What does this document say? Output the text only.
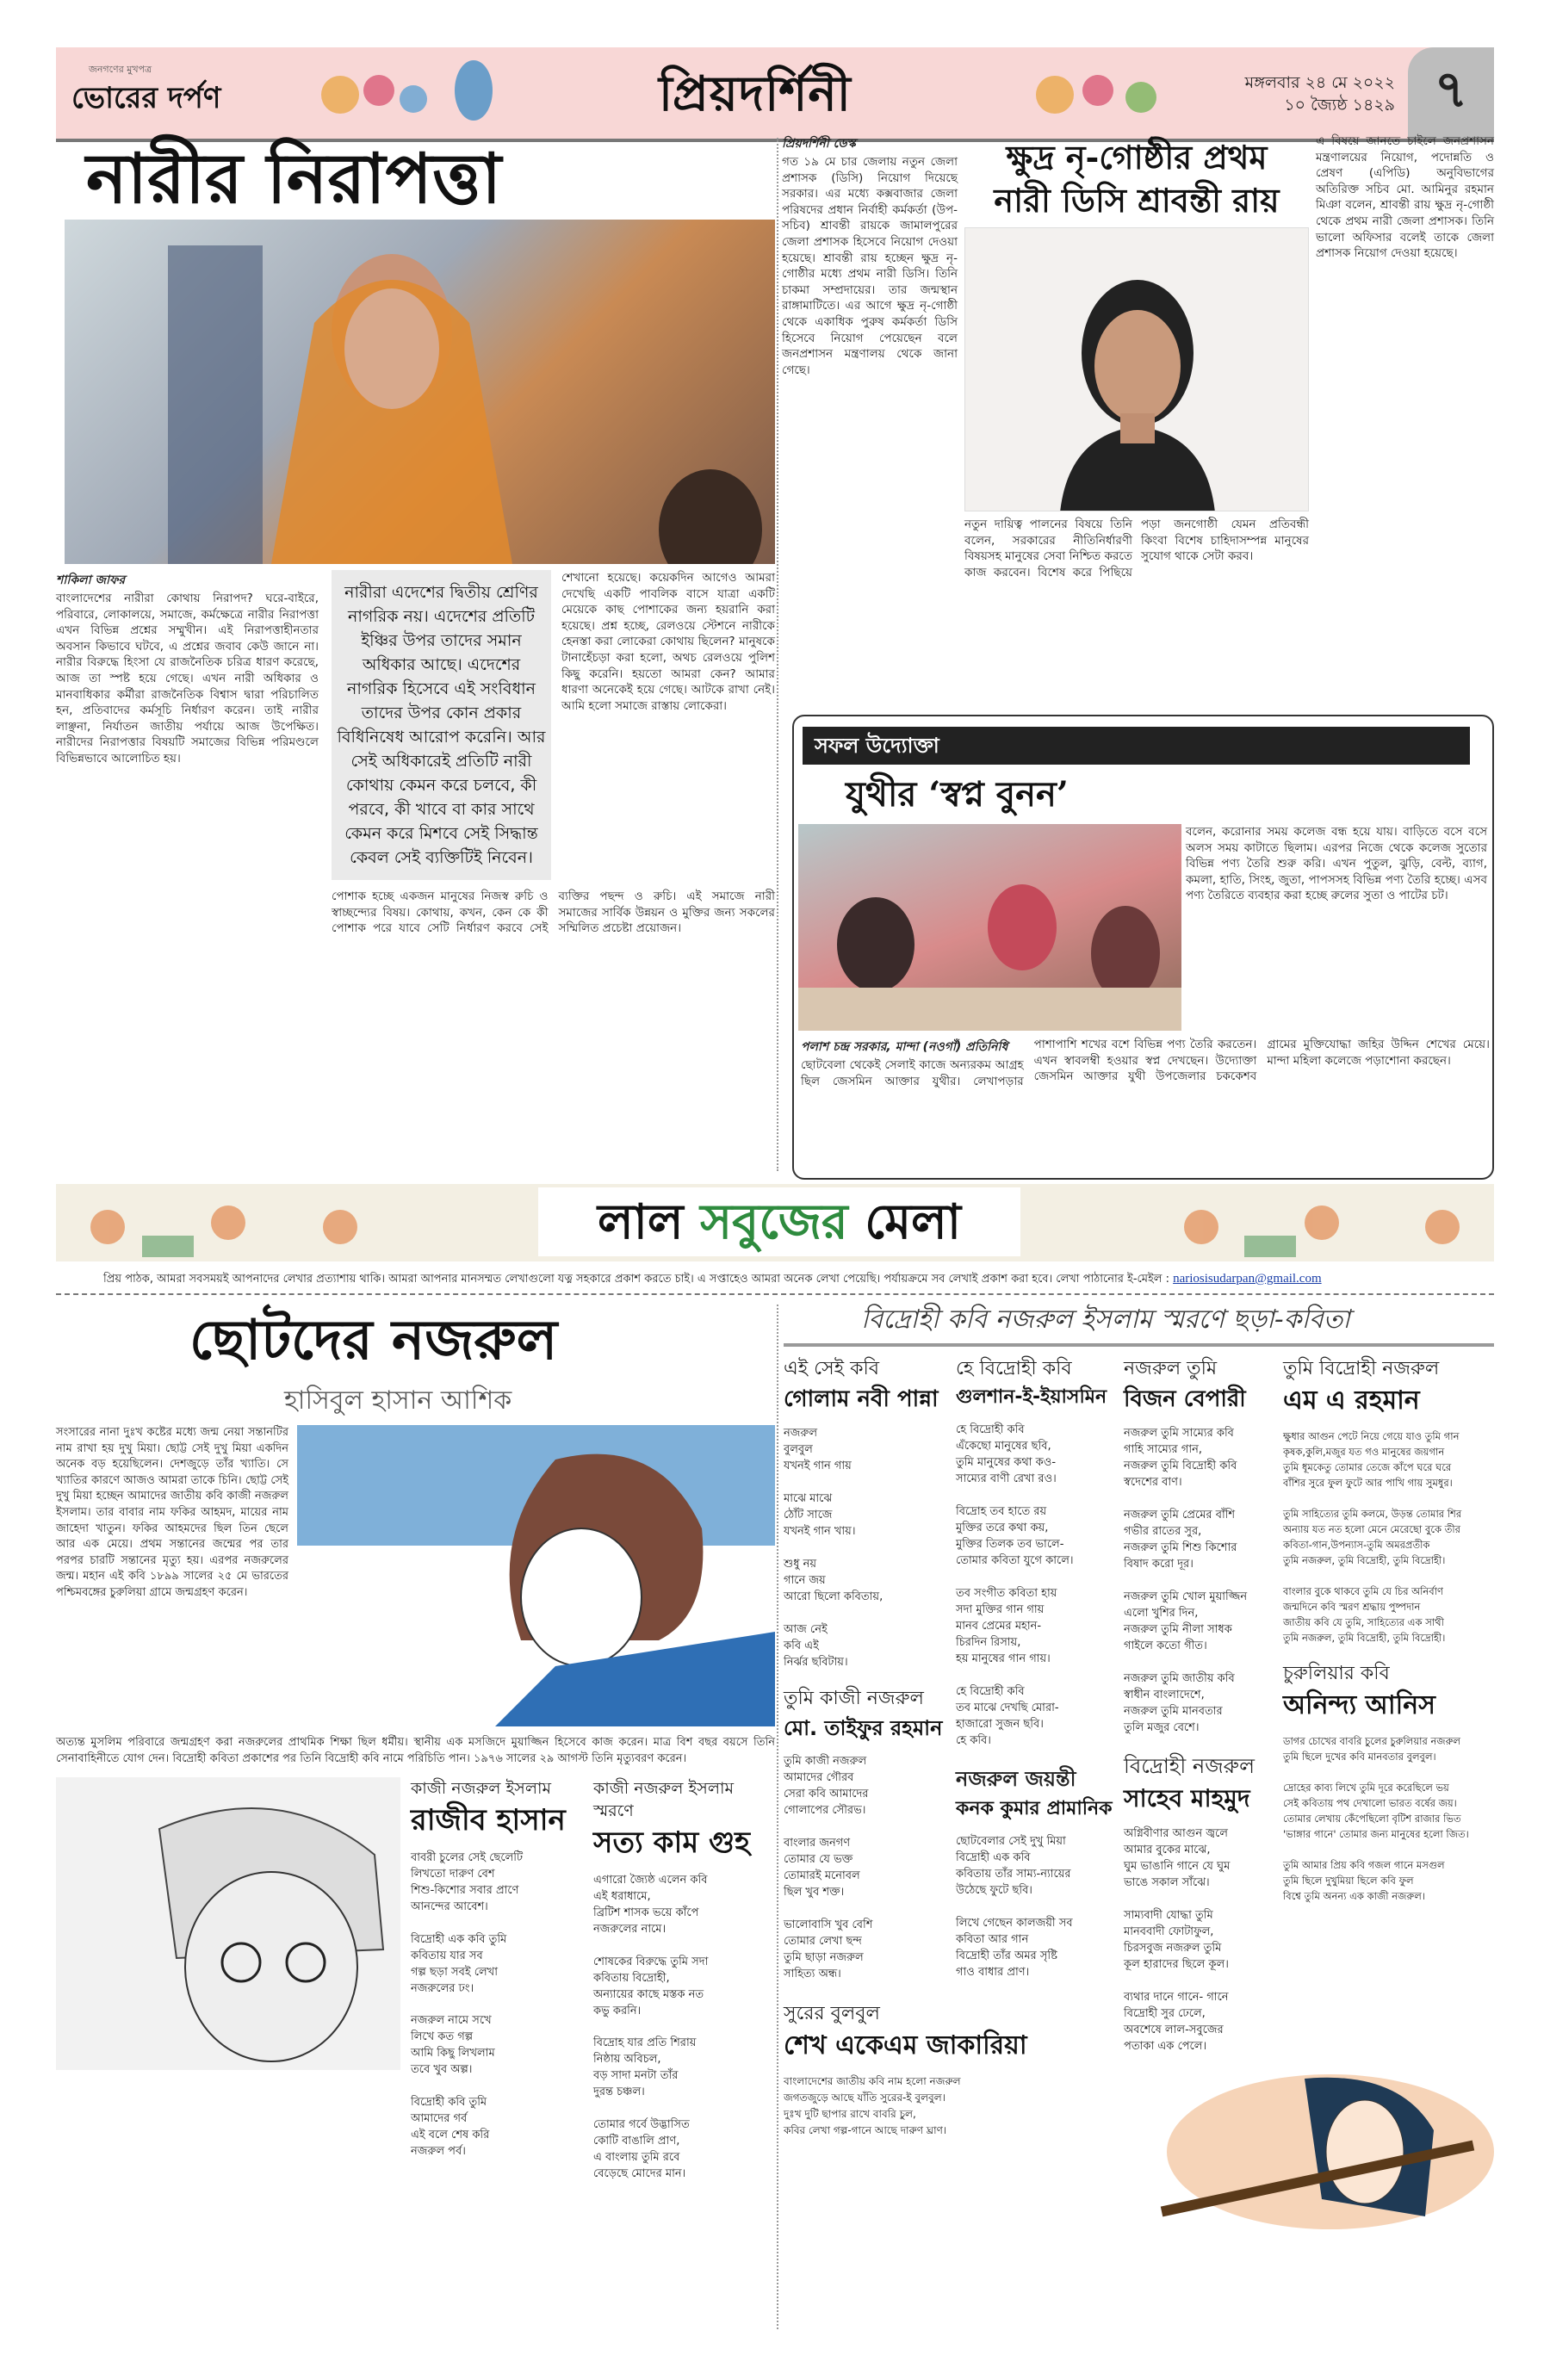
জনগণের মুখপত্র
ভোরের দর্পণ	প্রিয়দর্শিনী	মঙ্গলবার ২৪ মে ২০২২
১০ জ্যৈষ্ঠ ১৪২৯ ৭
নারীর নিরাপত্তা
শাকিলা জাফর
বাংলাদেশের নারীরা কোথায় নিরাপদ? ঘরে-বাইরে, পরিবারে, লোকালয়ে, সমাজে, কর্মক্ষেত্রে নারীর নিরাপত্তা এখন বিভিন্ন প্রশ্নের সম্মুখীন। এই নিরাপত্তাহীনতার অবসান কিভাবে ঘটবে, এ প্রশ্নের জবাব কেউ জানে না। নারীর বিরুদ্ধে হিংসা যে রাজনৈতিক চরিত্র ধারণ করেছে, আজ তা স্পষ্ট হয়ে গেছে। এখন নারী অধিকার ও মানবাধিকার কর্মীরা রাজনৈতিক বিশ্বাস দ্বারা পরিচালিত হন, প্রতিবাদের কর্মসূচি নির্ধারণ করেন। তাই নারীর লাঞ্ছনা, নির্যাতন জাতীয় পর্যায়ে আজ উপেক্ষিত। নারীদের নিরাপত্তার বিষয়টি সমাজের বিভিন্ন পরিমণ্ডলে বিভিন্নভাবে আলোচিত হয়।
নারীরা এদেশের দ্বিতীয় শ্রেণির নাগরিক নয়। এদেশের প্রতিটি ইঞ্চির উপর তাদের সমান অধিকার আছে। এদেশের নাগরিক হিসেবে এই সংবিধান তাদের উপর কোন প্রকার বিধিনিষেধ আরোপ করেনি। আর সেই অধিকারেই প্রতিটি নারী কোথায় কেমন করে চলবে, কী পরবে, কী খাবে বা কার সাথে কেমন করে মিশবে সেই সিদ্ধান্ত কেবল সেই ব্যক্তিটিই নিবেন।
শেখানো হয়েছে। কয়েকদিন আগেও আমরা দেখেছি একটি পাবলিক বাসে যাত্রা একটি মেয়েকে কাছ পোশাকের জন্য হয়রানি করা হয়েছে। প্রশ্ন হচ্ছে, রেলওয়ে স্টেশনে নারীকে হেনস্তা করা লোকেরা কোথায় ছিলেন? মানুষকে টানাহেঁচড়া করা হলো, অথচ রেলওয়ে পুলিশ কিছু করেনি। হয়তো আমরা কেন? আমার ধারণা অনেকেই হয়ে গেছে। আটকে রাখা নেই। আমি হলো সমাজে রাস্তায় লোকেরা।
পোশাক হচ্ছে একজন মানুষের নিজস্ব রুচি ও স্বাচ্ছন্দ্যের বিষয়। কোথায়, কখন, কেন কে কী পোশাক পরে যাবে সেটি নির্ধারণ করবে সেই ব্যক্তির পছন্দ ও রুচি। এই সমাজে নারী সমাজের সার্বিক উন্নয়ন ও মুক্তির জন্য সকলের সম্মিলিত প্রচেষ্টা প্রয়োজন।
প্রিয়দর্শিনী ডেস্ক
গত ১৯ মে চার জেলায় নতুন জেলা প্রশাসক (ডিসি) নিয়োগ দিয়েছে সরকার। এর মধ্যে কক্সবাজার জেলা পরিষদের প্রধান নির্বাহী কর্মকর্তা (উপ-সচিব) শ্রাবন্তী রায়কে জামালপুরের জেলা প্রশাসক হিসেবে নিয়োগ দেওয়া হয়েছে। শ্রাবন্তী রায় হচ্ছেন ক্ষুদ্র নৃ-গোষ্ঠীর মধ্যে প্রথম নারী ডিসি। তিনি চাকমা সম্প্রদায়ের। তার জন্মস্থান রাঙ্গামাটিতে। এর আগে ক্ষুদ্র নৃ-গোষ্ঠী থেকে একাধিক পুরুষ কর্মকর্তা ডিসি হিসেবে নিয়োগ পেয়েছেন বলে জনপ্রশাসন মন্ত্রণালয় থেকে জানা গেছে।
ক্ষুদ্র নৃ-গোষ্ঠীর প্রথম নারী ডিসি শ্রাবন্তী রায়
নতুন দায়িত্ব পালনের বিষয়ে তিনি বলেন, সরকারের নীতিনির্ধারণী বিষয়সহ মানুষের সেবা নিশ্চিত করতে কাজ করবেন। বিশেষ করে পিছিয়ে পড়া জনগোষ্ঠী যেমন প্রতিবন্ধী কিংবা বিশেষ চাহিদাসম্পন্ন মানুষের সুযোগ থাকে সেটা করব।
এ বিষয়ে জানতে চাইলে জনপ্রশাসন মন্ত্রণালয়ের নিয়োগ, পদোন্নতি ও প্রেষণ (এপিডি) অনুবিভাগের অতিরিক্ত সচিব মো. আমিনুর রহমান মিঞা বলেন, শ্রাবন্তী রায় ক্ষুদ্র নৃ-গোষ্ঠী থেকে প্রথম নারী জেলা প্রশাসক। তিনি ভালো অফিসার বলেই তাকে জেলা প্রশাসক নিয়োগ দেওয়া হয়েছে।
সফল উদ্যোক্তা
যুথীর ‘স্বপ্ন বুনন’
বলেন, করোনার সময় কলেজ বন্ধ হয়ে যায়। বাড়িতে বসে বসে অলস সময় কাটাতে ছিলাম। এরপর নিজে থেকে কলেজ সুতোর বিভিন্ন পণ্য তৈরি শুরু করি। এখন পুতুল, ঝুড়ি, বেল্ট, ব্যাগ, কমলা, হাতি, সিংহ, জুতা, পাপসসহ বিভিন্ন পণ্য তৈরি হচ্ছে। এসব পণ্য তৈরিতে ব্যবহার করা হচ্ছে রুলের সুতা ও পাটের চট।
পলাশ চন্দ্র সরকার, মান্দা (নওগাঁ) প্রতিনিধি
ছোটবেলা থেকেই সেলাই কাজে অন্যরকম আগ্রহ ছিল জেসমিন আক্তার যুথীর। লেখাপড়ার পাশাপাশি শখের বশে বিভিন্ন পণ্য তৈরি করতেন। এখন স্বাবলম্বী হওয়ার স্বপ্ন দেখছেন। উদ্যোক্তা জেসমিন আক্তার যুথী উপজেলার চককেশব গ্রামের মুক্তিযোদ্ধা জহির উদ্দিন শেখের মেয়ে। মান্দা মহিলা কলেজে পড়াশোনা করছেন।
লাল সবুজের মেলা
প্রিয় পাঠক, আমরা সবসময়ই আপনাদের লেখার প্রত্যাশায় থাকি। আমরা আপনার মানসম্মত লেখাগুলো যত্ন সহকারে প্রকাশ করতে চাই। এ সপ্তাহেও আমরা অনেক লেখা পেয়েছি। পর্যায়ক্রমে সব লেখাই প্রকাশ করা হবে। লেখা পাঠানোর ই-মেইল : nariosisudarpan@gmail.com
ছোটদের নজরুল
হাসিবুল হাসান আশিক
সংসারের নানা দুঃখ কষ্টের মধ্যে জন্ম নেয়া সন্তানটির নাম রাখা হয় দুখু মিয়া। ছোট্ট সেই দুখু মিয়া একদিন অনেক বড় হয়েছিলেন। দেশজুড়ে তাঁর খ্যাতি। সে খ্যাতির কারণে আজও আমরা তাকে চিনি। ছোট্ট সেই দুখু মিয়া হচ্ছেন আমাদের জাতীয় কবি কাজী নজরুল ইসলাম। তার বাবার নাম ফকির আহমদ, মায়ের নাম জাহেদা খাতুন। ফকির আহমদের ছিল তিন ছেলে আর এক মেয়ে। প্রথম সন্তানের জন্মের পর তার পরপর চারটি সন্তানের মৃত্যু হয়। এরপর নজরুলের জন্ম। মহান এই কবি ১৮৯৯ সালের ২৫ মে ভারতের পশ্চিমবঙ্গের চুরুলিয়া গ্রামে জন্মগ্রহণ করেন।
অত্যন্ত মুসলিম পরিবারে জন্মগ্রহণ করা নজরুলের প্রাথমিক শিক্ষা ছিল ধর্মীয়। স্থানীয় এক মসজিদে মুয়াজ্জিন হিসেবে কাজ করেন। মাত্র বিশ বছর বয়সে তিনি সেনাবাহিনীতে যোগ দেন। বিদ্রোহী কবিতা প্রকাশের পর তিনি বিদ্রোহী কবি নামে পরিচিতি পান। ১৯৭৬ সালের ২৯ আগস্ট তিনি মৃত্যুবরণ করেন।
কাজী নজরুল ইসলাম
রাজীব হাসান
বাবরী চুলের সেই ছেলেটি
লিখতো দারুণ বেশ
শিশু-কিশোর সবার প্রাণে
আনন্দের আবেশ।

বিদ্রোহী এক কবি তুমি
কবিতায় যার সব
গল্প ছড়া সবই লেখা
নজরুলের ঢং।
নজরুল নামে সখে
লিখে কত গল্প
আমি কিছু লিখলাম
তবে খুব অল্প।

বিদ্রোহী কবি তুমি
আমাদের গর্ব
এই বলে শেষ করি
নজরুল পর্ব।
কাজী নজরুল ইসলাম স্মরণে
সত্য কাম গুহ
এগারো জ্যৈষ্ঠ এলেন কবি
এই ধরাধামে,
ব্রিটিশ শাসক ভয়ে কাঁপে
নজরুলের নামে।

শোষকের বিরুদ্ধে তুমি সদা
কবিতায় বিদ্রোহী,
অন্যায়ের কাছে মস্তক নত
কভু করনি।
বিদ্রোহ যার প্রতি শিরায়
নিষ্ঠায় অবিচল,
বড় সাদা মনটা তাঁর
দুরন্ত চঞ্চল।

তোমার গর্বে উদ্ভাসিত
কোটি বাঙালি প্রাণ,
এ বাংলায় তুমি রবে
বেড়েছে মোদের মান।
বিদ্রোহী কবি নজরুল ইসলাম স্মরণে ছড়া-কবিতা
এই সেই কবি
গোলাম নবী পান্না
নজরুল
বুলবুল
যখনই গান গায়

মাঝে মাঝে
ঠোঁট সাজে
যখনই গান খায়।

শুধু নয়
গানে জয়
আরো ছিলো কবিতায়,

আজ নেই
কবি এই
নির্ঝর ছবিটায়।
তুমি কাজী নজরুল
মো. তাইফুর রহমান
তুমি কাজী নজরুল
আমাদের গৌরব
সেরা কবি আমাদের
গোলাপের সৌরভ।

বাংলার জনগণ
তোমার যে ভক্ত
তোমারই মনোবল
ছিল খুব শক্ত।

ভালোবাসি খুব বেশি
তোমার লেখা ছন্দ
তুমি ছাড়া নজরুল
সাহিত্য অন্ধ।
হে বিদ্রোহী কবি
গুলশান-ই-ইয়াসমিন
হে বিদ্রোহী কবি
এঁকেছো মানুষের ছবি,
তুমি মানুষের কথা কও-
সাম্যের বাণী রেখা রও।

বিদ্রোহ তব হাতে রয়
মুক্তির তরে কথা কয়,
মুক্তির তিলক তব ভালে-
তোমার কবিতা যুগে কালে।

তব সংগীত কবিতা হায়
সদা মুক্তির গান গায়
মানব প্রেমের মহান-
চিরদিন রিসায়,
হয় মানুষের গান গায়।

হে বিদ্রোহী কবি
তব মাঝে দেখছি মোরা-
হাজারো সুজন ছবি।
হে কবি।
নজরুল জয়ন্তী
কনক কুমার প্রামানিক
ছোটবেলার সেই দুখু মিয়া
বিদ্রোহী এক কবি
কবিতায় তাঁর সাম্য-ন্যায়ের
উঠেছে ফুটে ছবি।

লিখে গেছেন কালজয়ী সব
কবিতা আর গান
বিদ্রোহী তাঁর অমর সৃষ্টি
গাও বাধার প্রাণ।
সুরের বুলবুল
শেখ একেএম জাকারিয়া
বাংলাদেশের জাতীয় কবি নাম হলো নজরুল
জগতজুড়ে আছে যাঁতি সুরের-ই বুলবুল।
দুঃখ দুটি ছাপার রাখে বাবরি চুল,
কবির লেখা গল্প-গানে আছে দারুণ ঘ্রাণ।
নজরুল তুমি
বিজন বেপারী
নজরুল তুমি সাম্যের কবি
গাহি সাম্যের গান,
নজরুল তুমি বিদ্রোহী কবি
স্বদেশের বাণ।

নজরুল তুমি প্রেমের বাঁশি
গভীর রাতের সুর,
নজরুল তুমি শিশু কিশোর
বিষাদ করো দূর।

নজরুল তুমি খোল মুয়াজ্জিন
এলো খুশির দিন,
নজরুল তুমি নীলা সাধক
গাইলে কতো গীত।

নজরুল তুমি জাতীয় কবি
স্বাধীন বাংলাদেশে,
নজরুল তুমি মানবতার
তুলি মজুর বেশে।
বিদ্রোহী নজরুল
সাহেব মাহমুদ
অগ্নিবীণার আগুন জ্বলে
আমার বুকের মাঝে,
ঘুম ভাঙানি গানে যে ঘুম
ভাঙে সকাল সাঁঝে।

সাম্যবাদী যোদ্ধা তুমি
মানববাদী ফোটাফুল,
চিরসবুজ নজরুল তুমি
কূল হারাদের ছিলে কূল।

ব্যথার দানে গানে- গানে
বিদ্রোহী সুর ঢেলে,
অবশেষে লাল-সবুজের
পতাকা এক পেলে।
তুমি বিদ্রোহী নজরুল
এম এ রহমান
ক্ষুধার আগুন পেটে নিয়ে গেয়ে যাও তুমি গান
কৃষক,কুলি,মজুর যত গও মানুষের জয়গান
তুমি ধূমকেতু তোমার তেজে কাঁপে ঘরে ঘরে
বাঁশির সুরে ফুল ফুটে আর পাখি গায় সুমধুর।

তুমি সাহিত্যের তুমি কলমে, উড়ন্ত তোমার শির
অন্যায় যত নত হলো মেনে মেরেছো বুকে তীর
কবিতা-গান,উপন্যাস-তুমি অমরপ্রতীক
তুমি নজরুল, তুমি বিদ্রোহী, তুমি বিদ্রোহী।

বাংলার বুকে থাকবে তুমি যে চির অনির্বাণ
জন্মদিনে কবি স্মরণ শ্রদ্ধায় পুষ্পদান
জাতীয় কবি যে তুমি, সাহিত্যের এক সাথী
তুমি নজরুল, তুমি বিদ্রোহী, তুমি বিদ্রোহী।
চুরুলিয়ার কবি
অনিন্দ্য আনিস
ডাগর চোখের বাবরি চুলের চুরুলিয়ার নজরুল
তুমি ছিলে দুখের কবি মানবতার বুলবুল।

দ্রোহের কাব্য লিখে তুমি দূরে করেছিলে ভয়
সেই কবিতায় পথ দেখালো ভারত বর্ষের জয়।
তোমার লেখায় কেঁপেছিলো বৃটিশ রাজার ভিত
'ভাঙ্গার গানে' তোমার জন্য মানুষের হলো জিত।

তুমি আমার প্রিয় কবি গজল গানে মসগুল
তুমি ছিলে দুখুমিয়া ছিলে কবি ফুল
বিশ্বে তুমি অনন্য এক কাজী নজরুল।
